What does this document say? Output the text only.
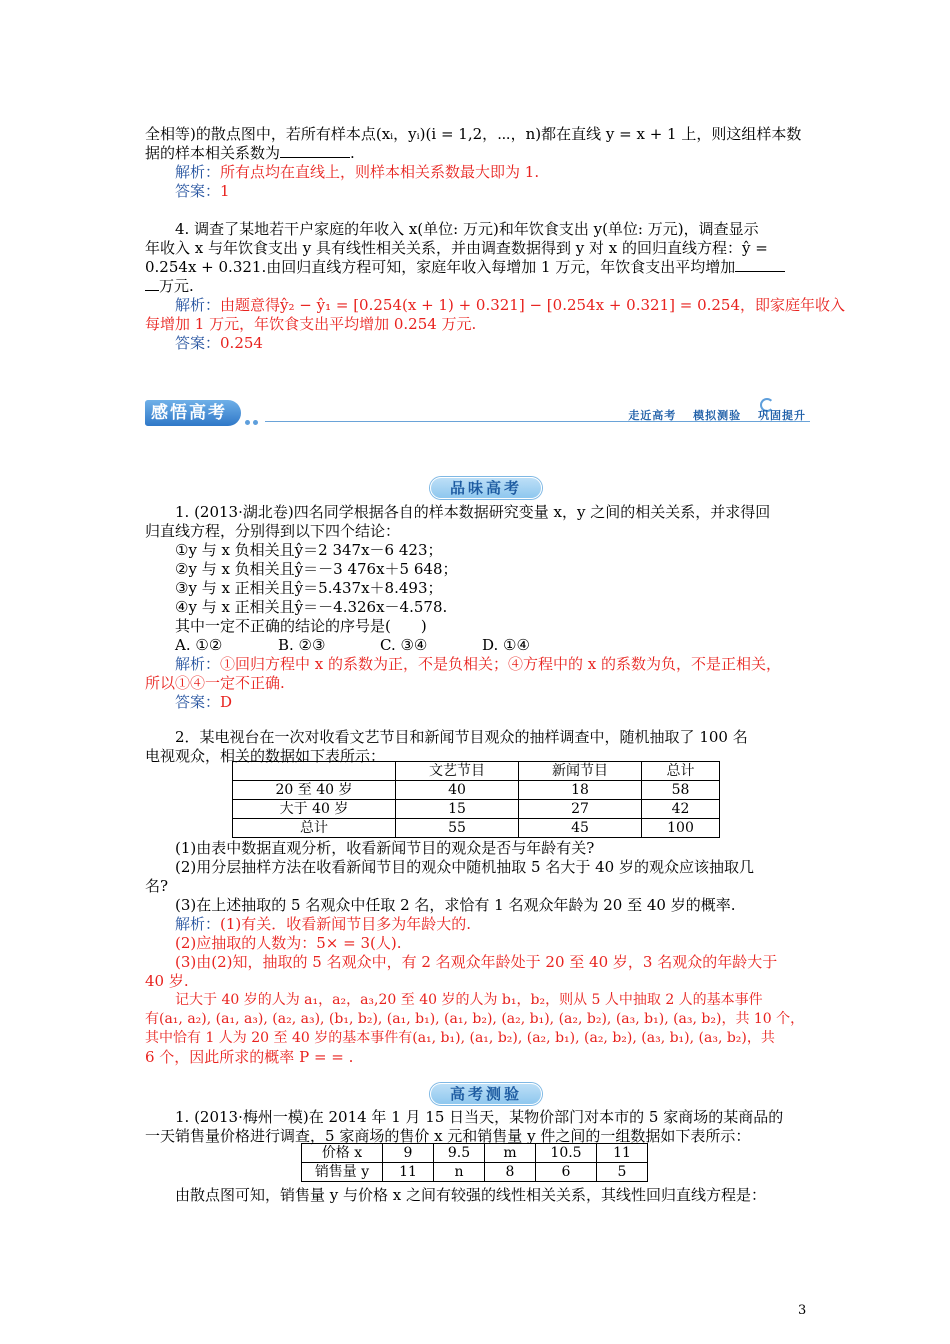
全相等)的散点图中，若所有样本点(xᵢ，yᵢ)(i = 1,2，⋯，n)都在直线 y = x + 1 上，则这组样本数
据的样本相关系数为	.
解析：所有点均在直线上，则样本相关系数最大即为 1.
答案：1
4. 调查了某地若干户家庭的年收入 x(单位: 万元)和年饮食支出 y(单位: 万元)，调查显示
年收入 x 与年饮食支出 y 具有线性相关关系，并由调查数据得到 y 对 x 的回归直线方程：ŷ =
0.254x + 0.321.由回归直线方程可知，家庭年收入每增加 1 万元，年饮食支出平均增加
万元.
解析：由题意得ŷ₂ − ŷ₁ = [0.254(x + 1) + 0.321] − [0.254x + 0.321] = 0.254，即家庭年收入
每增加 1 万元，年饮食支出平均增加 0.254 万元.
答案：0.254
感悟高考	走近高考 模拟测验 巩固提升
品味高考
1. (2013·湖北卷)四名同学根据各自的样本数据研究变量 x，y 之间的相关关系，并求得回
归直线方程，分别得到以下四个结论：
①y 与 x 负相关且ŷ＝2 347x－6 423；
②y 与 x 负相关且ŷ＝－3 476x＋5 648；
③y 与 x 正相关且ŷ＝5.437x＋8.493；
④y 与 x 正相关且ŷ＝－4.326x－4.578.
其中一定不正确的结论的序号是(　　)
A. ①②	B. ②③	C. ③④	D. ①④
解析：①回归方程中 x 的系数为正，不是负相关；④方程中的 x 的系数为负，不是正相关，
所以①④一定不正确.
答案：D
2．某电视台在一次对收看文艺节目和新闻节目观众的抽样调查中，随机抽取了 100 名
电视观众，相关的数据如下表所示：
	文艺节目	新闻节目	总计
20 至 40 岁	40	18	58
大于 40 岁	15	27	42
总计	55	45	100
(1)由表中数据直观分析，收看新闻节目的观众是否与年龄有关?
(2)用分层抽样方法在收看新闻节目的观众中随机抽取 5 名大于 40 岁的观众应该抽取几
名?
(3)在上述抽取的 5 名观众中任取 2 名，求恰有 1 名观众年龄为 20 至 40 岁的概率.
解析：(1)有关．收看新闻节目多为年龄大的.
(2)应抽取的人数为：5× = 3(人).
(3)由(2)知，抽取的 5 名观众中，有 2 名观众年龄处于 20 至 40 岁，3 名观众的年龄大于
40 岁.
记大于 40 岁的人为 a₁，a₂，a₃,20 至 40 岁的人为 b₁，b₂，则从 5 人中抽取 2 人的基本事件
有(a₁, a₂), (a₁, a₃), (a₂, a₃), (b₁, b₂), (a₁, b₁), (a₁, b₂), (a₂, b₁), (a₂, b₂), (a₃, b₁), (a₃, b₂)，共 10 个，
其中恰有 1 人为 20 至 40 岁的基本事件有(a₁, b₁), (a₁, b₂), (a₂, b₁), (a₂, b₂), (a₃, b₁), (a₃, b₂)，共
6 个，因此所求的概率 P = = .
高考测验
1. (2013·梅州一模)在 2014 年 1 月 15 日当天，某物价部门对本市的 5 家商场的某商品的
一天销售量价格进行调查，5 家商场的售价 x 元和销售量 y 件之间的一组数据如下表所示：
价格 x	9	9.5	m	10.5	11
销售量 y	11	n	8	6	5
由散点图可知，销售量 y 与价格 x 之间有较强的线性相关关系，其线性回归直线方程是：
3
